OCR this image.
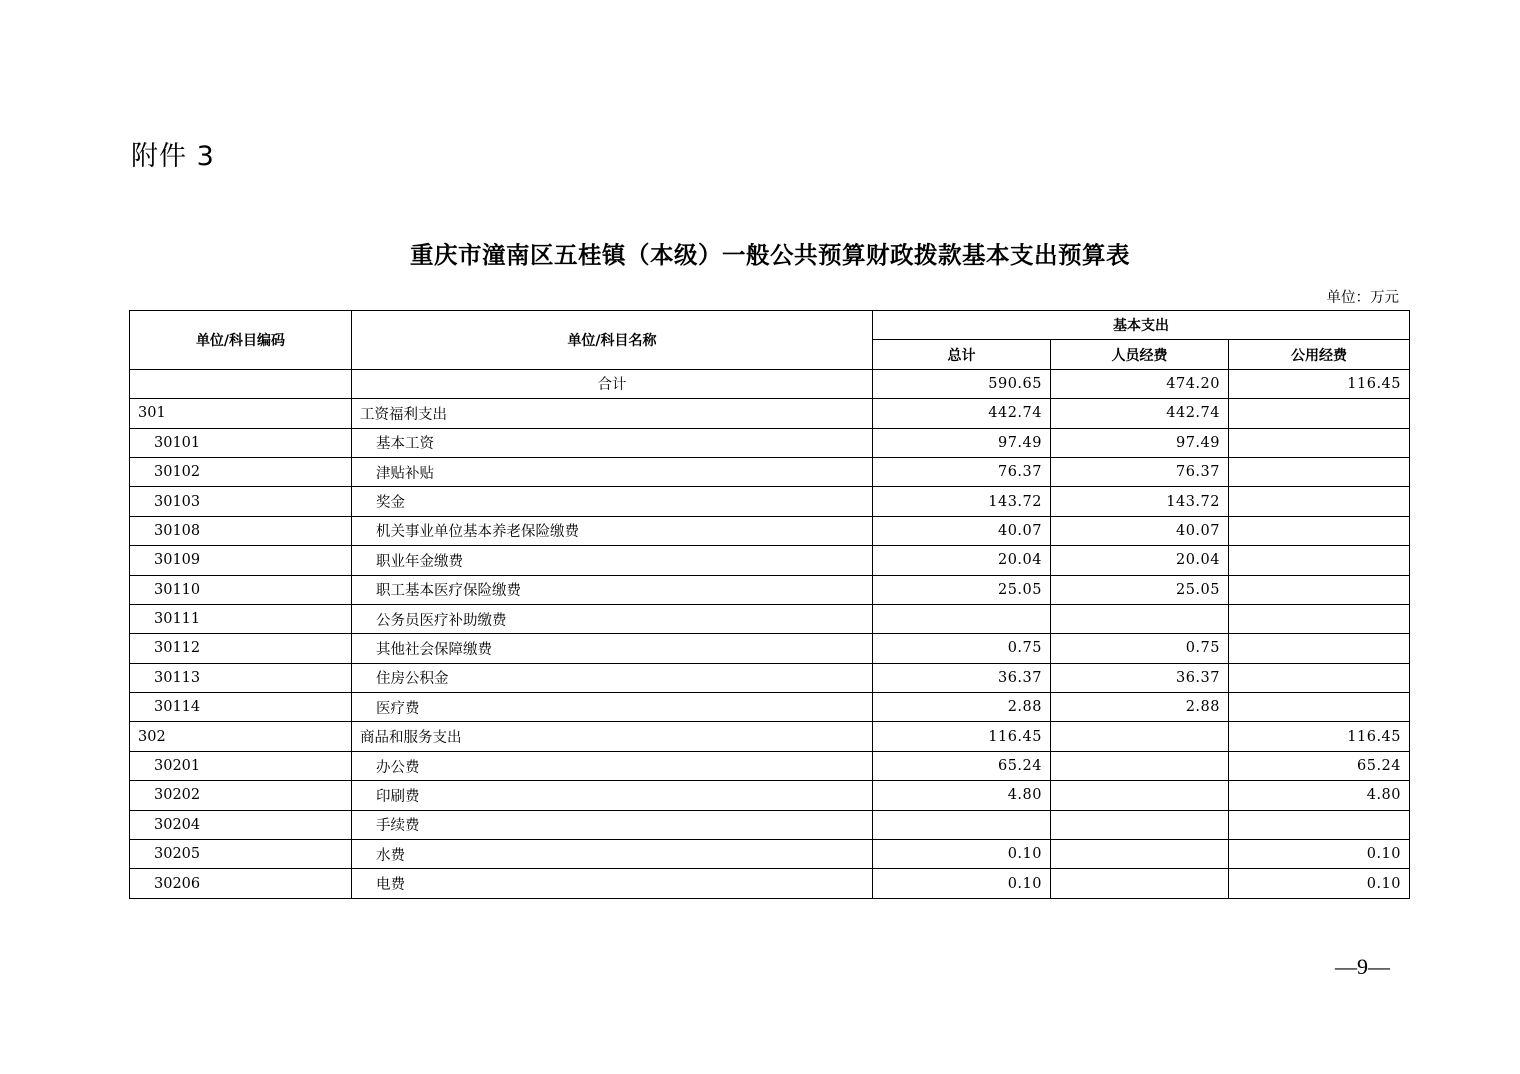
附件 3
重庆市潼南区五桂镇（本级）一般公共预算财政拨款基本支出预算表
单位：万元
单位/科目编码	单位/科目名称	基本支出		
		总计	人员经费	公用经费
	合计	590.65	474.20	116.45
301	工资福利支出	442.74	442.74	
30101	基本工资	97.49	97.49	
30102	津贴补贴	76.37	76.37	
30103	奖金	143.72	143.72	
30108	机关事业单位基本养老保险缴费	40.07	40.07	
30109	职业年金缴费	20.04	20.04	
30110	职工基本医疗保险缴费	25.05	25.05	
30111	公务员医疗补助缴费			
30112	其他社会保障缴费	0.75	0.75	
30113	住房公积金	36.37	36.37	
30114	医疗费	2.88	2.88	
302	商品和服务支出	116.45		116.45
30201	办公费	65.24		65.24
30202	印刷费	4.80		4.80
30204	手续费			
30205	水费	0.10		0.10
30206	电费	0.10		0.10
—9—
